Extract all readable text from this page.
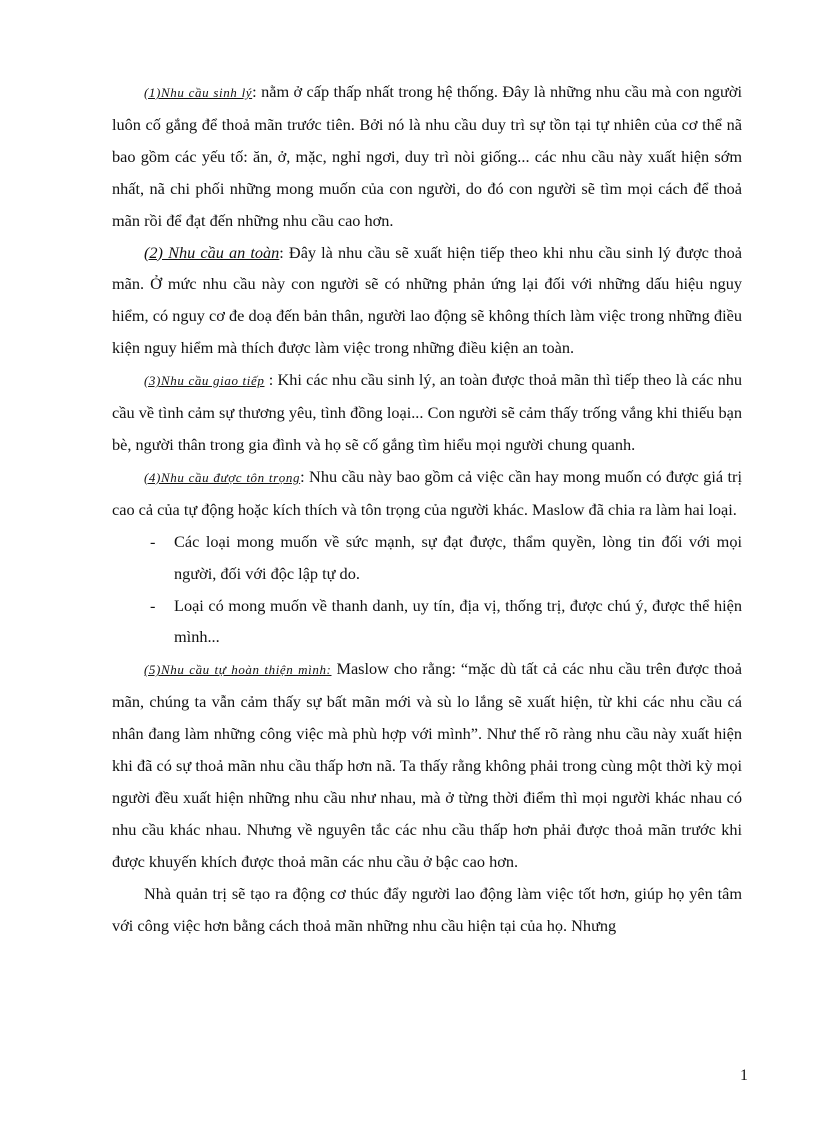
(1)Nhu cầu sinh lý: nằm ở cấp thấp nhất trong hệ thống. Đây là những nhu cầu mà con người luôn cố gắng để thoả mãn trước tiên. Bởi nó là nhu cầu duy trì sự tồn tại tự nhiên của cơ thể nã bao gồm các yếu tố: ăn, ở, mặc, nghỉ ngơi, duy trì nòi giống... các nhu cầu này xuất hiện sớm nhất, nã chi phối những mong muốn của con người, do đó con người sẽ tìm mọi cách để thoả mãn rồi để đạt đến những nhu cầu cao hơn.

(2) Nhu cầu an toàn: Đây là nhu cầu sẽ xuất hiện tiếp theo khi nhu cầu sinh lý được thoả mãn. Ở mức nhu cầu này con người sẽ có những phản ứng lại đối với những dấu hiệu nguy hiểm, có nguy cơ đe doạ đến bản thân, người lao động sẽ không thích làm việc trong những điều kiện nguy hiểm mà thích được làm việc trong những điều kiện an toàn.

(3)Nhu cầu giao tiếp : Khi các nhu cầu sinh lý, an toàn được thoả mãn thì tiếp theo là các nhu cầu về tình cảm sự thương yêu, tình đồng loại... Con người sẽ cảm thấy trống vắng khi thiếu bạn bè, người thân trong gia đình và họ sẽ cố gắng tìm hiểu mọi người chung quanh.

(4)Nhu cầu được tôn trọng: Nhu cầu này bao gồm cả việc cần hay mong muốn có được giá trị cao cả của tự động hoặc kích thích và tôn trọng của người khác. Maslow đã chia ra làm hai loại.

- Các loại mong muốn về sức mạnh, sự đạt được, thẩm quyền, lòng tin đối với mọi người, đối với độc lập tự do.
- Loại có mong muốn về thanh danh, uy tín, địa vị, thống trị, được chú ý, được thể hiện mình...

(5)Nhu cầu tự hoàn thiện mình: Maslow cho rằng: “mặc dù tất cả các nhu cầu trên được thoả mãn, chúng ta vẫn cảm thấy sự bất mãn mới và sù lo lắng sẽ xuất hiện, từ khi các nhu cầu cá nhân đang làm những công việc mà phù hợp với mình”. Như thế rõ ràng nhu cầu này xuất hiện khi đã có sự thoả mãn nhu cầu thấp hơn nã. Ta thấy rằng không phải trong cùng một thời kỳ mọi người đều xuất hiện những nhu cầu như nhau, mà ở từng thời điểm thì mọi người khác nhau có nhu cầu khác nhau. Nhưng về nguyên tắc các nhu cầu thấp hơn phải được thoả mãn trước khi được khuyến khích được thoả mãn các nhu cầu ở bậc cao hơn.

Nhà quản trị sẽ tạo ra động cơ thúc đẩy người lao động làm việc tốt hơn, giúp họ yên tâm với công việc hơn bằng cách thoả mãn những nhu cầu hiện tại của họ. Nhưng

1
